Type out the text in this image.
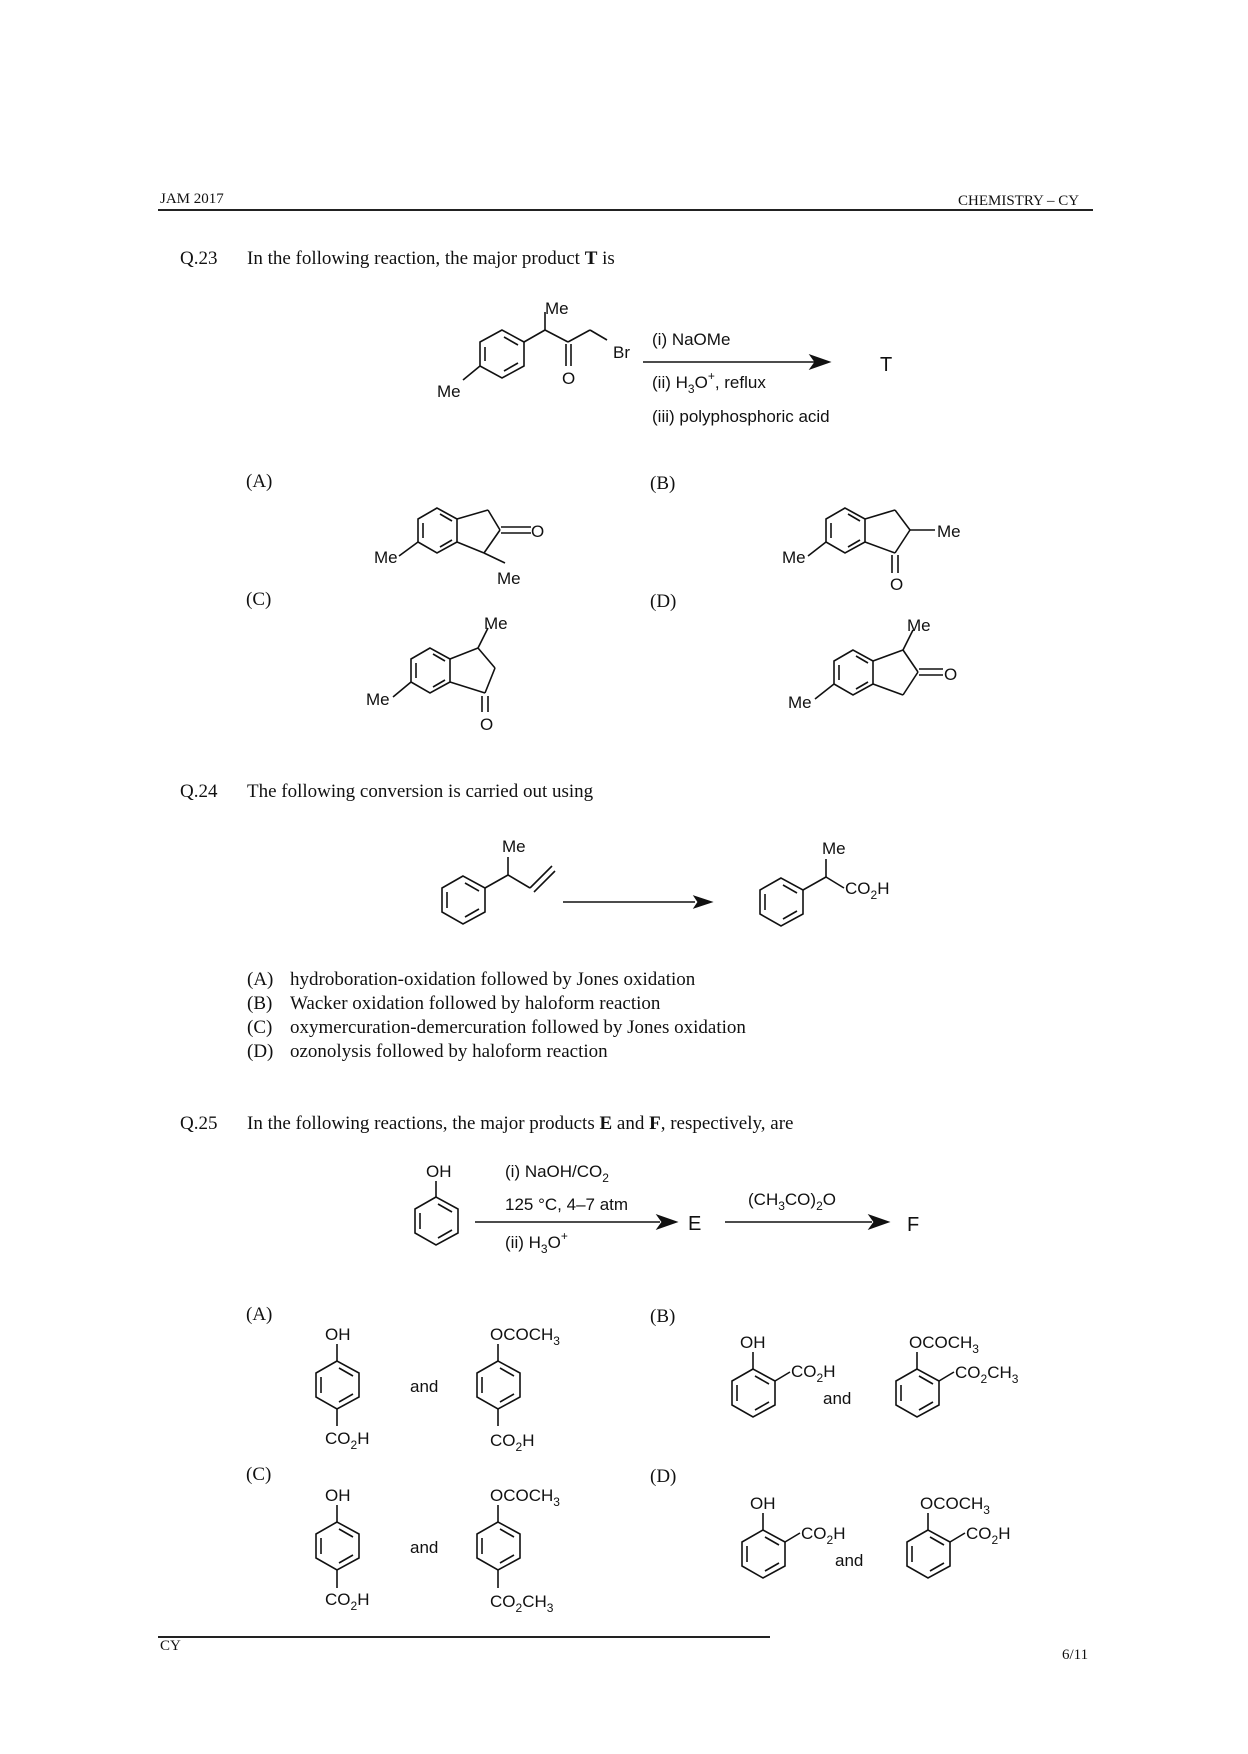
JAM 2017	CHEMISTRY – CY
Q.23 In the following reaction, the major product T is
Me
Me
Br
O
(i) NaOMe
(ii) $H_3O^+$, reflux
(iii) polyphosphoric acid
T
O
Me
Me
Me
O
Me
Me
O
Me
O
Me
Me
Me	Me
$CO_2H$
(A)	(B)
(C)	(D)
Q.24 The following conversion is carried out using
(A) hydroboration-oxidation followed by Jones oxidation
(B) Wacker oxidation followed by haloform reaction
(C) oxymercuration-demercuration followed by Jones oxidation
(D) ozonolysis followed by haloform reaction
Q.25 In the following reactions, the major products E and F, respectively, are
OH	(i) NaOH/$CO_2$
125 °C, 4–7 atm
(ii) $H_3O^+$
E
$(CH_3CO)_2O$
F
OH
$CO_2H$
and
$OCOCH_3$
$CO_2H$
OH
$CO_2H$
and
$OCOCH_3$
$CO_2CH_3$
OH
$CO_2H$
and
$OCOCH_3$
$CO_2CH_3$
OH
$CO_2H$
and
$OCOCH_3$
$CO_2H$
(A)	(B)
(C)	(D)
CY
6/11
